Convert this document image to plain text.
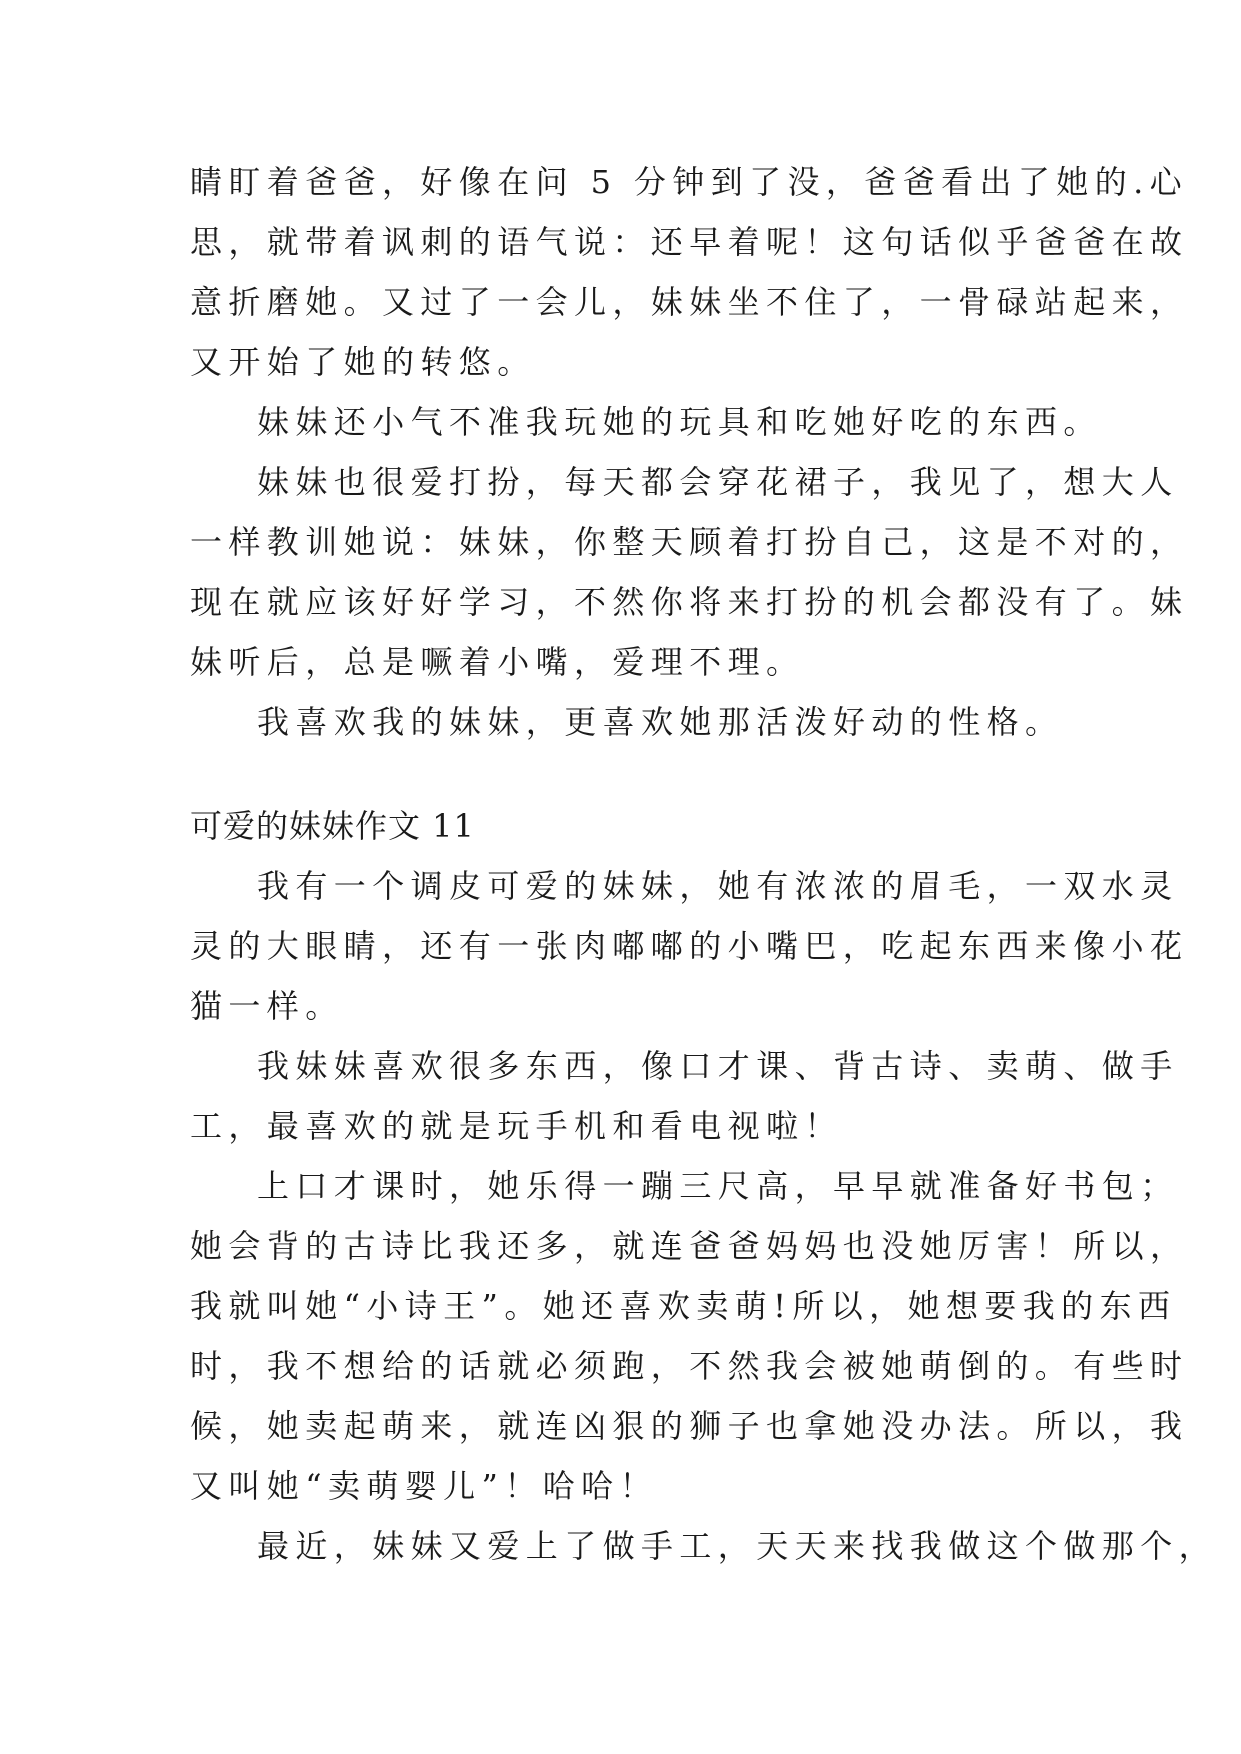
睛盯着爸爸，好像在问 5 分钟到了没，爸爸看出了她的.心
思，就带着讽刺的语气说：还早着呢！这句话似乎爸爸在故
意折磨她。又过了一会儿，妹妹坐不住了，一骨碌站起来，
又开始了她的转悠。
妹妹还小气不准我玩她的玩具和吃她好吃的东西。
妹妹也很爱打扮，每天都会穿花裙子，我见了，想大人
一样教训她说：妹妹，你整天顾着打扮自己，这是不对的，
现在就应该好好学习，不然你将来打扮的机会都没有了。妹
妹听后，总是噘着小嘴，爱理不理。
我喜欢我的妹妹，更喜欢她那活泼好动的性格。
可爱的妹妹作文 11
我有一个调皮可爱的妹妹，她有浓浓的眉毛，一双水灵
灵的大眼睛，还有一张肉嘟嘟的小嘴巴，吃起东西来像小花
猫一样。
我妹妹喜欢很多东西，像口才课、背古诗、卖萌、做手
工，最喜欢的就是玩手机和看电视啦！
上口才课时，她乐得一蹦三尺高，早早就准备好书包；
她会背的古诗比我还多，就连爸爸妈妈也没她厉害！所以，
我就叫她“小诗王”。她还喜欢卖萌!所以，她想要我的东西
时，我不想给的话就必须跑，不然我会被她萌倒的。有些时
候，她卖起萌来，就连凶狠的狮子也拿她没办法。所以，我
又叫她“卖萌婴儿”！哈哈！
最近，妹妹又爱上了做手工，天天来找我做这个做那个，
